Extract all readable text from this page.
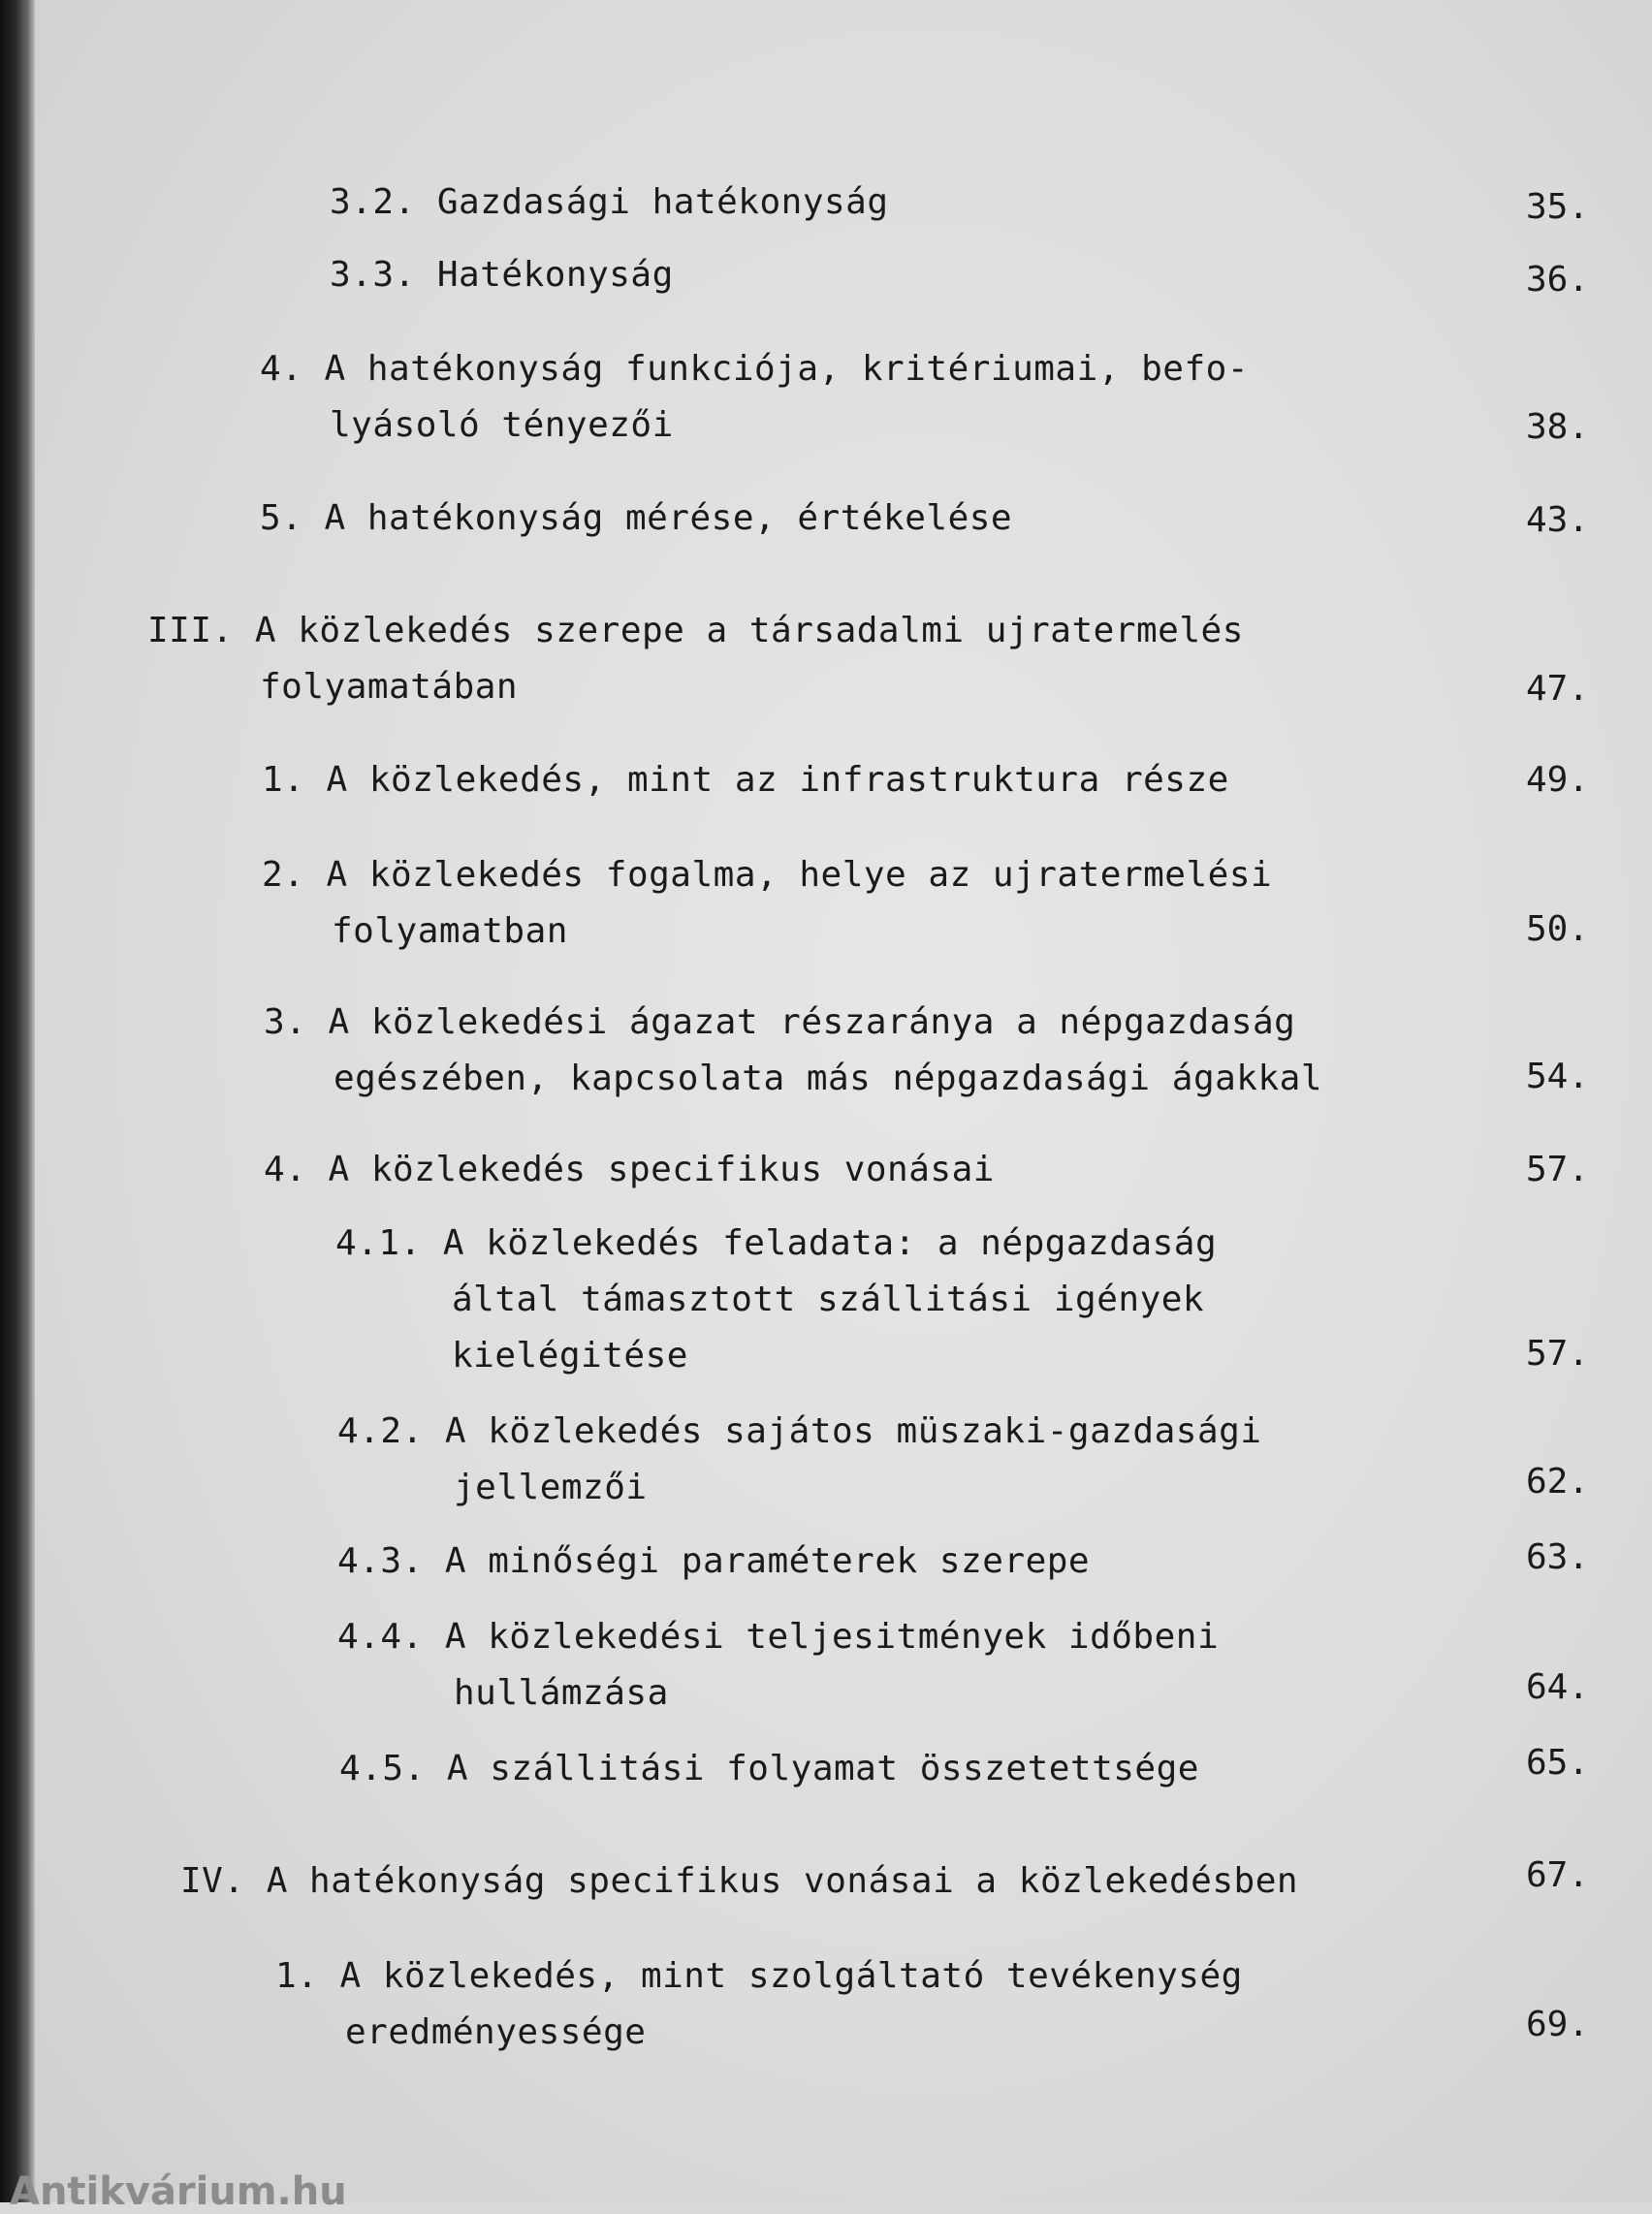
3.2. Gazdasági hatékonyság	35.
3.3. Hatékonyság	36.
4. A hatékonyság funkciója, kritériumai, befo-
lyásoló tényezői	38.
5. A hatékonyság mérése, értékelése	43.
III. A közlekedés szerepe a társadalmi ujratermelés
folyamatában	47.
1. A közlekedés, mint az infrastruktura része	49.
2. A közlekedés fogalma, helye az ujratermelési
folyamatban	50.
3. A közlekedési ágazat részaránya a népgazdaság
egészében, kapcsolata más népgazdasági ágakkal	54.
4. A közlekedés specifikus vonásai	57.
4.1. A közlekedés feladata: a népgazdaság
által támasztott szállitási igények
kielégitése	57.
4.2. A közlekedés sajátos müszaki-gazdasági
jellemzői	62.
4.3. A minőségi paraméterek szerepe	63.
4.4. A közlekedési teljesitmények időbeni
hullámzása	64.
4.5. A szállitási folyamat összetettsége	65.
IV. A hatékonyság specifikus vonásai a közlekedésben	67.
1. A közlekedés, mint szolgáltató tevékenység
eredményessége	69.
Antikvárium.hu
